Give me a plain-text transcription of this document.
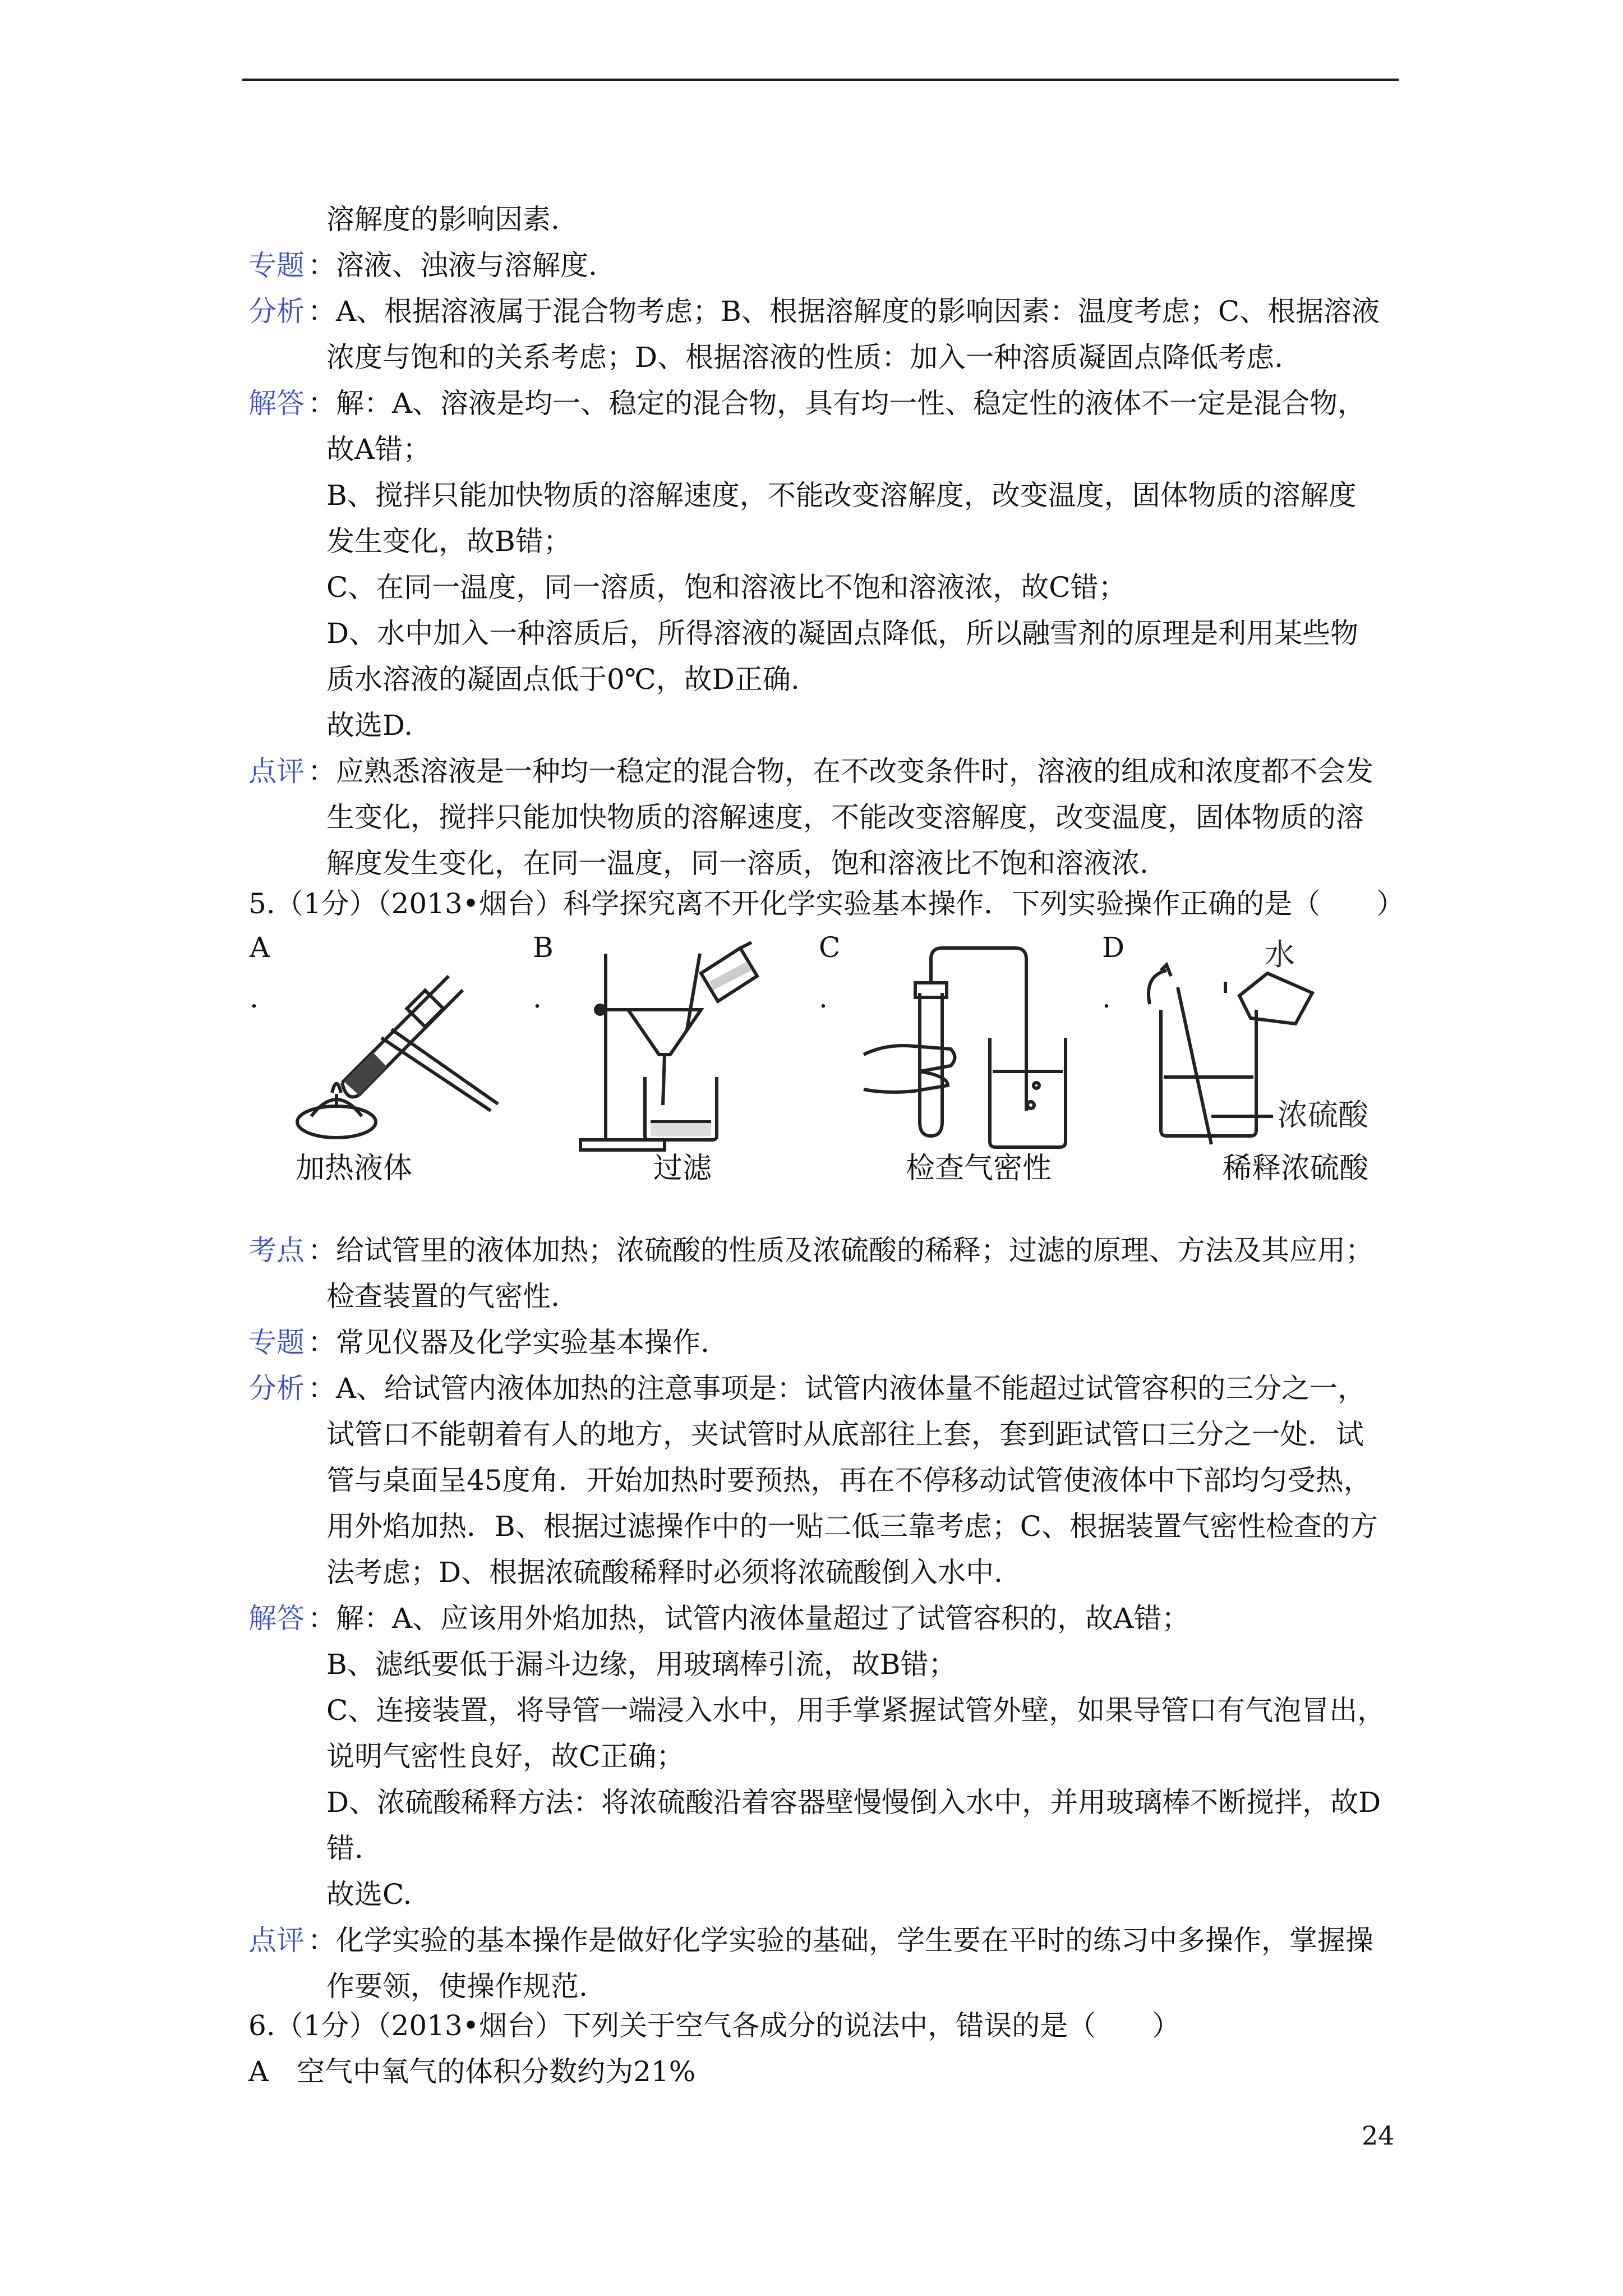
溶解度的影响因素.
专题 ：溶液、浊液与溶解度.
分析 ：A、根据溶液属于混合物考虑；B、根据溶解度的影响因素：温度考虑；C、根据溶液
浓度与饱和的关系考虑；D、根据溶液的性质：加入一种溶质凝固点降低考虑.
解答 ：解：A、溶液是均一、稳定的混合物，具有均一性、稳定性的液体不一定是混合物，
故A错；
B、搅拌只能加快物质的溶解速度，不能改变溶解度，改变温度，固体物质的溶解度
发生变化，故B错；
C、在同一温度，同一溶质，饱和溶液比不饱和溶液浓，故C错；
D、水中加入一种溶质后，所得溶液的凝固点降低，所以融雪剂的原理是利用某些物
质水溶液的凝固点低于0℃，故D正确.
故选D.
点评 ：应熟悉溶液是一种均一稳定的混合物，在不改变条件时，溶液的组成和浓度都不会发
生变化，搅拌只能加快物质的溶解速度，不能改变溶解度，改变温度，固体物质的溶
解度发生变化，在同一温度，同一溶质，饱和溶液比不饱和溶液浓.
5.（1分）（2013•烟台）科学探究离不开化学实验基本操作．下列实验操作正确的是（　　）
A
.
B
.
C
.
D
.
水
浓硫酸
加热液体	过滤	检查气密性	稀释浓硫酸
考点 ：给试管里的液体加热；浓硫酸的性质及浓硫酸的稀释；过滤的原理、方法及其应用；
检查装置的气密性.
专题 ：常见仪器及化学实验基本操作.
分析 ：A、给试管内液体加热的注意事项是：试管内液体量不能超过试管容积的三分之一，
试管口不能朝着有人的地方，夹试管时从底部往上套，套到距试管口三分之一处．试
管与桌面呈45度角．开始加热时要预热，再在不停移动试管使液体中下部均匀受热，
用外焰加热．B、根据过滤操作中的一贴二低三靠考虑；C、根据装置气密性检查的方
法考虑；D、根据浓硫酸稀释时必须将浓硫酸倒入水中.
解答 ：解：A、应该用外焰加热，试管内液体量超过了试管容积的，故A错；
B、滤纸要低于漏斗边缘，用玻璃棒引流，故B错；
C、连接装置，将导管一端浸入水中，用手掌紧握试管外壁，如果导管口有气泡冒出，
说明气密性良好，故C正确；
D、浓硫酸稀释方法：将浓硫酸沿着容器壁慢慢倒入水中，并用玻璃棒不断搅拌，故D
错.
故选C.
点评 ：化学实验的基本操作是做好化学实验的基础，学生要在平时的练习中多操作，掌握操
作要领，使操作规范.
6.（1分）（2013•烟台）下列关于空气各成分的说法中，错误的是（　　）
A　空气中氧气的体积分数约为21%
24
